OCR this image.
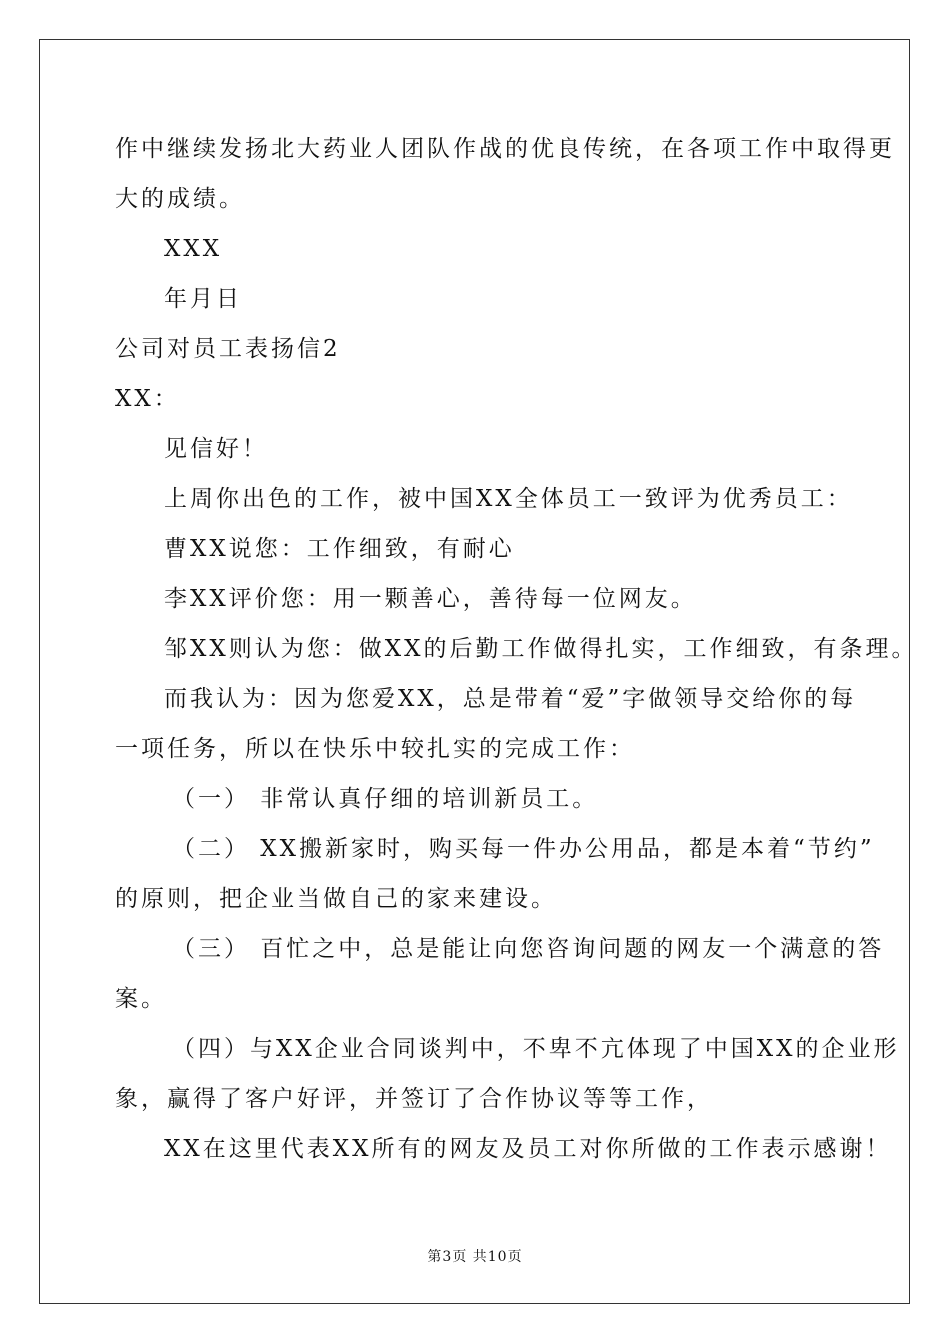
作中继续发扬北大药业人团队作战的优良传统，在各项工作中取得更
大的成绩。
XXX
年月日
公司对员工表扬信2
XX：
见信好！
上周你出色的工作，被中国XX全体员工一致评为优秀员工：
曹XX说您：工作细致，有耐心
李XX评价您：用一颗善心，善待每一位网友。
邹XX则认为您：做XX的后勤工作做得扎实，工作细致，有条理。
而我认为：因为您爱XX，总是带着“爱”字做领导交给你的每
一项任务，所以在快乐中较扎实的完成工作：
（一） 非常认真仔细的培训新员工。
（二） XX搬新家时，购买每一件办公用品，都是本着“节约”
的原则，把企业当做自己的家来建设。
（三） 百忙之中，总是能让向您咨询问题的网友一个满意的答
案。
（四）与XX企业合同谈判中，不卑不亢体现了中国XX的企业形
象，赢得了客户好评，并签订了合作协议等等工作，
XX在这里代表XX所有的网友及员工对你所做的工作表示感谢！
第3页 共10页
